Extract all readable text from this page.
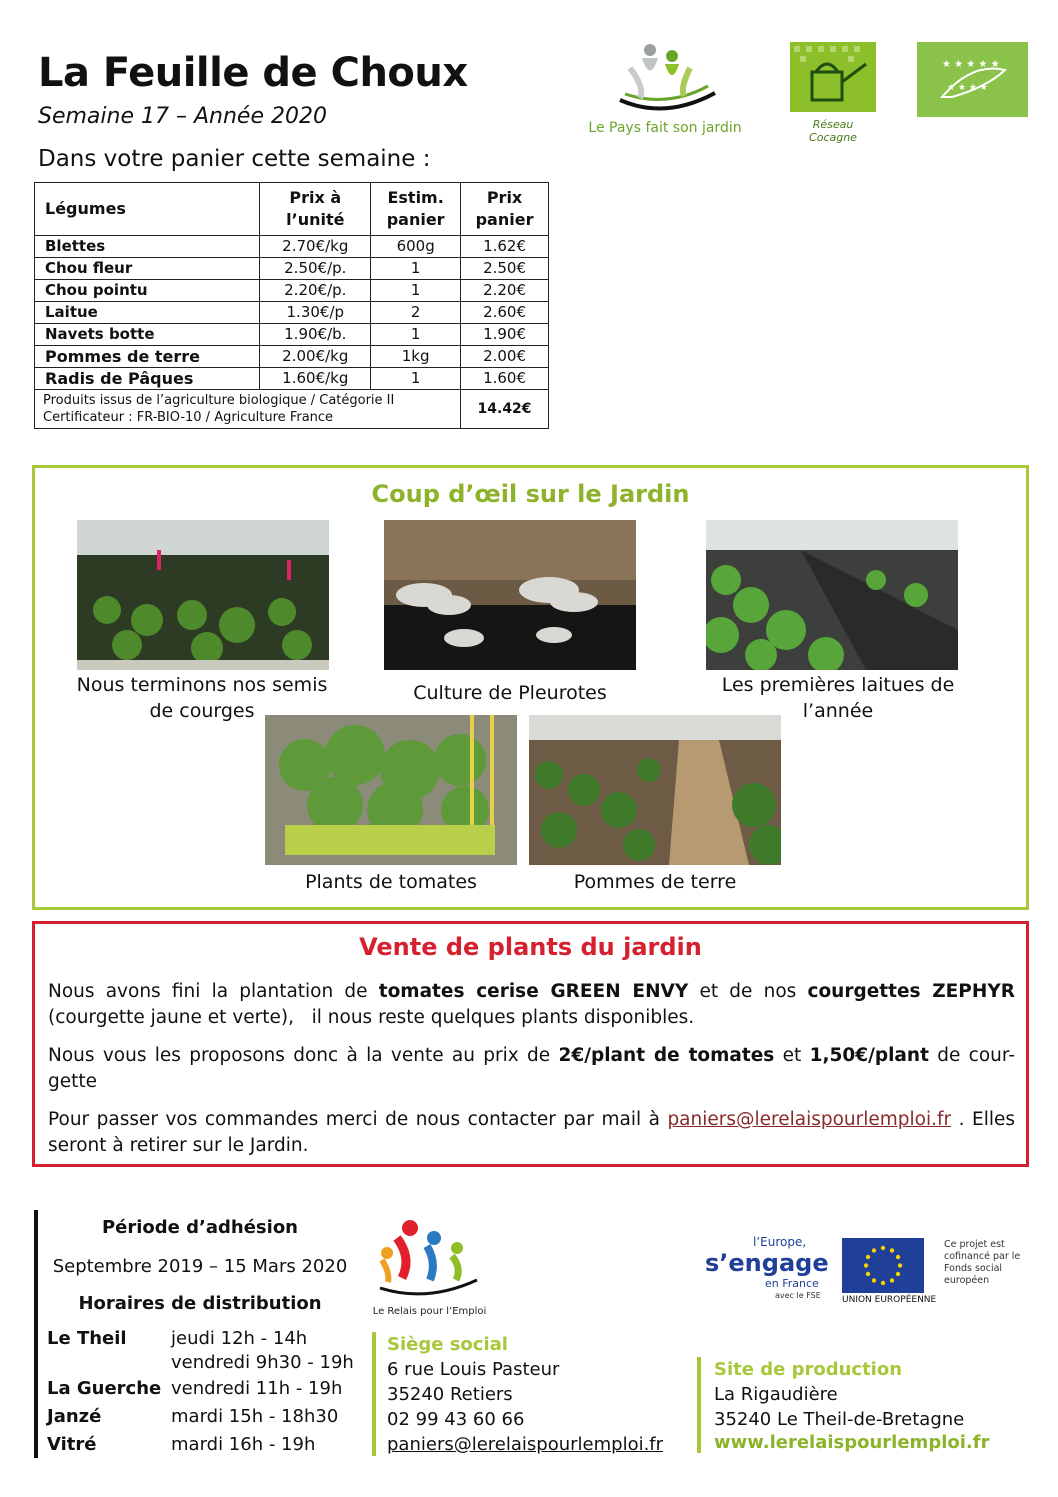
La Feuille de Choux
Semaine 17 – Année 2020
Dans votre panier cette semaine :
Le Pays fait son jardin	Réseau Cocagne
★ ★ ★ ★ ★
★ ★ ★ ★
Légumes	Prix à l’unité	Estim. panier	Prix panier
Blettes	2.70€/kg	600g	1.62€
Chou fleur	2.50€/p.	1	2.50€
Chou pointu	2.20€/p.	1	2.20€
Laitue	1.30€/p	2	2.60€
Navets botte	1.90€/b.	1	1.90€
Pommes de terre	2.00€/kg	1kg	2.00€
Radis de Pâques	1.60€/kg	1	1.60€

Produits issus de l’agriculture biologique / Catégorie II
Certificateur : FR-BIO-10 / Agriculture France			14.42€
Coup d’œil sur le Jardin
Nous terminons nos semis de courges
Culture de Pleurotes	Les premières laitues de l’année
Plants de tomates	Pommes de terre
Vente de plants du jardin

Nous avons fini la plantation de tomates cerise GREEN ENVY et de nos courgettes ZEPHYR (courgette jaune et verte),   il nous reste quelques plants disponibles.

Nous vous les proposons donc à la vente au prix de 2€/plant de tomates et 1,50€/plant de cour-gette

Pour passer vos commandes merci de nous contacter par mail à paniers@lerelaispourlemploi.fr . Elles seront à retirer sur le Jardin.

Période d’adhésion
Septembre 2019 – 15 Mars 2020
Horaires de distribution
Le Theil jeudi 12h - 14h
vendredi 9h30 - 19h
La Guerche vendredi 11h - 19h
Janzé	mardi 15h - 18h30
Vitré	mardi 16h - 19h
Le Relais pour l’Emploi
Siège social
6 rue Louis Pasteur
35240 Retiers
02 99 43 60 66
paniers@lerelaispourlemploi.fr
Site de production
La Rigaudière
35240 Le Theil-de-Bretagne
www.lerelaispourlemploi.fr
l’Europe,
s’engage
en France
avec le FSE UNION EUROPÉENNE
Ce projet est cofinancé par le Fonds social européen
